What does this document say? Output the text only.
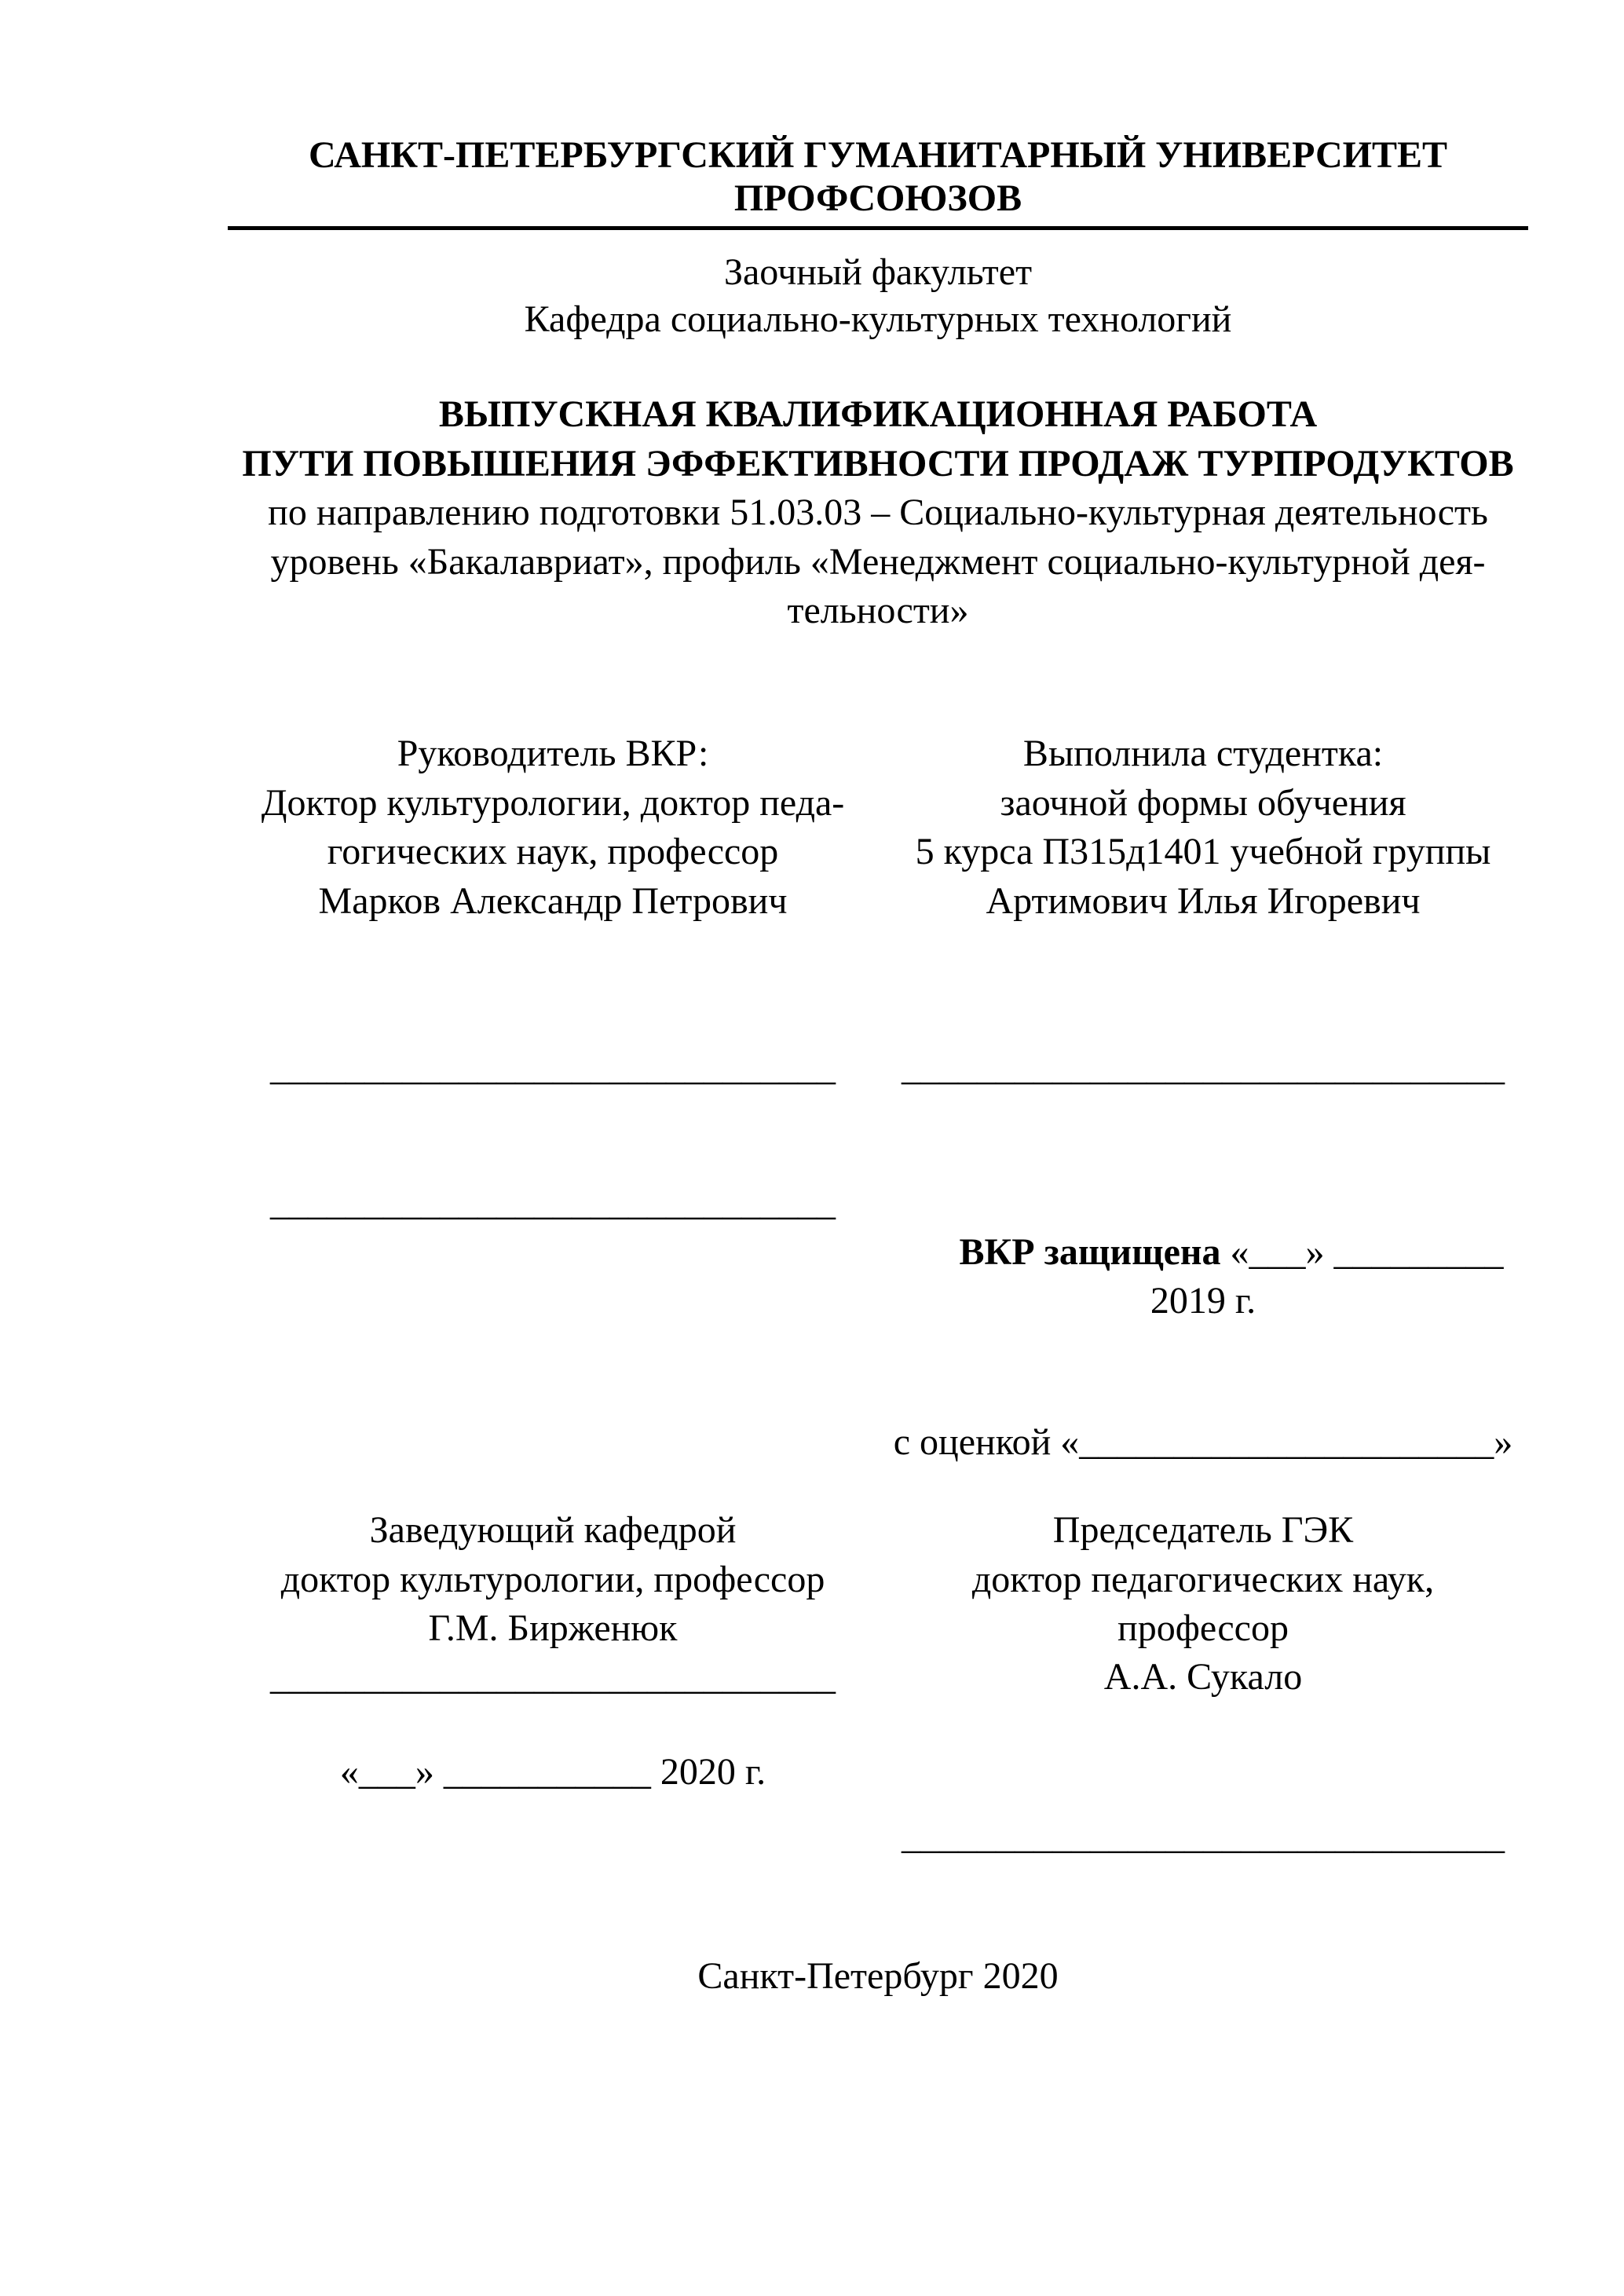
САНКТ-ПЕТЕРБУРГСКИЙ ГУМАНИТАРНЫЙ УНИВЕРСИТЕТ
ПРОФСОЮЗОВ
Заочный факультет
Кафедра социально-культурных технологий
ВЫПУСКНАЯ КВАЛИФИКАЦИОННАЯ РАБОТА
ПУТИ ПОВЫШЕНИЯ ЭФФЕКТИВНОСТИ ПРОДАЖ ТУРПРОДУКТОВ
по направлению подготовки 51.03.03 – Социально-культурная деятельность
уровень «Бакалавриат», профиль «Менеджмент социально-культурной дея-
тельности»
Руководитель ВКР:
Доктор культурологии, доктор педа-
гогических наук, профессор
Марков Александр Петрович
Выполнила студентка:
заочной формы обучения
5 курса П315д1401 учебной группы
Артимович Илья Игоревич
______________________________	________________________________
______________________________

ВКР защищена «___» _________ 2019 г.

с оценкой «______________________»
Заведующий кафедрой
доктор культурологии, профессор
Г.М. Бирженюк
______________________________
Председатель ГЭК
доктор педагогических наук,
профессор
А.А. Сукало
«___» ___________ 2020 г.
________________________________
Санкт-Петербург 2020
